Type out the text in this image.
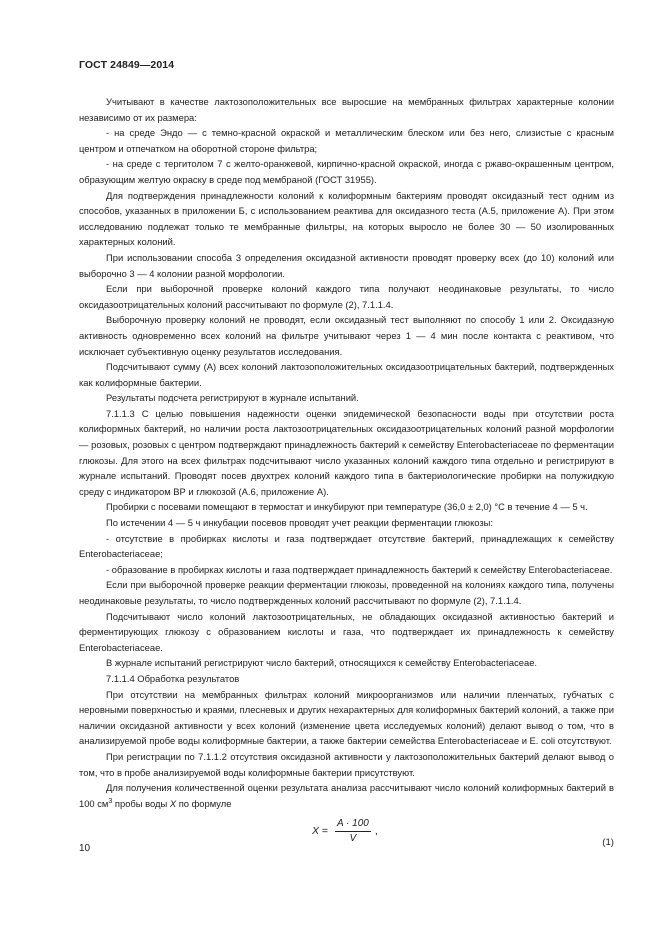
ГОСТ 24849—2014

Учитывают в качестве лактозоположительных все выросшие на мембранных фильтрах характерные колонии независимо от их размера:

- на среде Эндо — с темно-красной окраской и металлическим блеском или без него, слизистые с красным центром и отпечатком на оборотной стороне фильтра;

- на среде с тергитолом 7 с желто-оранжевой, кирпично-красной окраской, иногда с ржаво-окрашенным центром, образующим желтую окраску в среде под мембраной (ГОСТ 31955).

Для подтверждения принадлежности колоний к колиформным бактериям проводят оксидазный тест одним из способов, указанных в приложении Б, с использованием реактива для оксидазного теста (А.5, приложение А). При этом исследованию подлежат только те мембранные фильтры, на которых выросло не более 30 — 50 изолированных характерных колоний.

При использовании способа 3 определения оксидазной активности проводят проверку всех (до 10) колоний или выборочно 3 — 4 колонии разной морфологии.

Если при выборочной проверке колоний каждого типа получают неодинаковые результаты, то число оксидазоотрицательных колоний рассчитывают по формуле (2), 7.1.1.4.

Выборочную проверку колоний не проводят, если оксидазный тест выполняют по способу 1 или 2. Оксидазную активность одновременно всех колоний на фильтре учитывают через 1 — 4 мин после контакта с реактивом, что исключает субъективную оценку результатов исследования.

Подсчитывают сумму (А) всех колоний лактозоположительных оксидазоотрицательных бактерий, подтвержденных как колиформные бактерии.

Результаты подсчета регистрируют в журнале испытаний.

7.1.1.3 С целью повышения надежности оценки эпидемической безопасности воды при отсутствии роста колиформных бактерий, но наличии роста лактозоотрицательных оксидазоотрицательных колоний разной морфологии — розовых, розовых с центром подтверждают принадлежность бактерий к семейству Enterobacteriaceae по ферментации глюкозы. Для этого на всех фильтрах подсчитывают число указанных колоний каждого типа отдельно и регистрируют в журнале испытаний. Проводят посев двухтрех колоний каждого типа в бактериологические пробирки на полужидкую среду с индикатором ВР и глюкозой (А.6, приложение А).

Пробирки с посевами помещают в термостат и инкубируют при температуре (36,0 ± 2,0) °С в течение 4 — 5 ч.

По истечении 4 — 5 ч инкубации посевов проводят учет реакции ферментации глюкозы:

- отсутствие в пробирках кислоты и газа подтверждает отсутствие бактерий, принадлежащих к семейству Enterobacteriaceae;

- образование в пробирках кислоты и газа подтверждает принадлежность бактерий к семейству Enterobacteriaceae.

Если при выборочной проверке реакции ферментации глюкозы, проведенной на колониях каждого типа, получены неодинаковые результаты, то число подтвержденных колоний рассчитывают по формуле (2), 7.1.1.4.

Подсчитывают число колоний лактозоотрицательных, не обладающих оксидазной активностью бактерий и ферментирующих глюкозу с образованием кислоты и газа, что подтверждает их принадлежность к семейству Enterobacteriaceae.

В журнале испытаний регистрируют число бактерий, относящихся к семейству Enterobacteriaceae.

7.1.1.4 Обработка результатов

При отсутствии на мембранных фильтрах колоний микроорганизмов или наличии пленчатых, губчатых с неровными поверхностью и краями, плесневых и других нехарактерных для колиформных бактерий колоний, а также при наличии оксидазной активности у всех колоний (изменение цвета исследуемых колоний) делают вывод о том, что в анализируемой пробе воды колиформные бактерии, а также бактерии семейства Enterobacteriaceae и E. coli отсутствуют.

При регистрации по 7.1.1.2 отсутствия оксидазной активности у лактозоположительных бактерий делают вывод о том, что в пробе анализируемой воды колиформные бактерии присутствуют.

Для получения количественной оценки результата анализа рассчитывают число колоний колиформных бактерий в 100 $см^3$ пробы воды X по формуле

$X = \frac{A \cdot 100}{V}$ ,
(1)
10
